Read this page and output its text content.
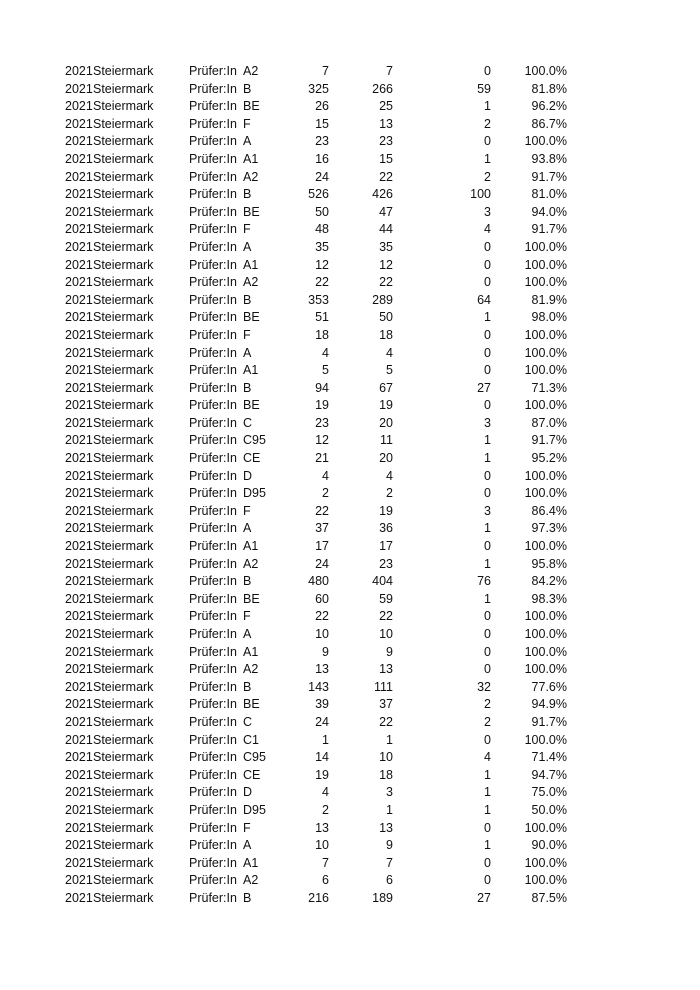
2021 Steiermark	Prüfer:In A2	7	7	0	100.0%
2021 Steiermark	Prüfer:In B	325	266	59	81.8%
2021 Steiermark	Prüfer:In BE	26	25	1	96.2%
2021 Steiermark	Prüfer:In F	15	13	2	86.7%
2021 Steiermark	Prüfer:In A	23	23	0	100.0%
2021 Steiermark	Prüfer:In A1	16	15	1	93.8%
2021 Steiermark	Prüfer:In A2	24	22	2	91.7%
2021 Steiermark	Prüfer:In B	526	426	100	81.0%
2021 Steiermark	Prüfer:In BE	50	47	3	94.0%
2021 Steiermark	Prüfer:In F	48	44	4	91.7%
2021 Steiermark	Prüfer:In A	35	35	0	100.0%
2021 Steiermark	Prüfer:In A1	12	12	0	100.0%
2021 Steiermark	Prüfer:In A2	22	22	0	100.0%
2021 Steiermark	Prüfer:In B	353	289	64	81.9%
2021 Steiermark	Prüfer:In BE	51	50	1	98.0%
2021 Steiermark	Prüfer:In F	18	18	0	100.0%
2021 Steiermark	Prüfer:In A	4	4	0	100.0%
2021 Steiermark	Prüfer:In A1	5	5	0	100.0%
2021 Steiermark	Prüfer:In B	94	67	27	71.3%
2021 Steiermark	Prüfer:In BE	19	19	0	100.0%
2021 Steiermark	Prüfer:In C	23	20	3	87.0%
2021 Steiermark	Prüfer:In C95	12	11	1	91.7%
2021 Steiermark	Prüfer:In CE	21	20	1	95.2%
2021 Steiermark	Prüfer:In D	4	4	0	100.0%
2021 Steiermark	Prüfer:In D95	2	2	0	100.0%
2021 Steiermark	Prüfer:In F	22	19	3	86.4%
2021 Steiermark	Prüfer:In A	37	36	1	97.3%
2021 Steiermark	Prüfer:In A1	17	17	0	100.0%
2021 Steiermark	Prüfer:In A2	24	23	1	95.8%
2021 Steiermark	Prüfer:In B	480	404	76	84.2%
2021 Steiermark	Prüfer:In BE	60	59	1	98.3%
2021 Steiermark	Prüfer:In F	22	22	0	100.0%
2021 Steiermark	Prüfer:In A	10	10	0	100.0%
2021 Steiermark	Prüfer:In A1	9	9	0	100.0%
2021 Steiermark	Prüfer:In A2	13	13	0	100.0%
2021 Steiermark	Prüfer:In B	143	111	32	77.6%
2021 Steiermark	Prüfer:In BE	39	37	2	94.9%
2021 Steiermark	Prüfer:In C	24	22	2	91.7%
2021 Steiermark	Prüfer:In C1	1	1	0	100.0%
2021 Steiermark	Prüfer:In C95	14	10	4	71.4%
2021 Steiermark	Prüfer:In CE	19	18	1	94.7%
2021 Steiermark	Prüfer:In D	4	3	1	75.0%
2021 Steiermark	Prüfer:In D95	2	1	1	50.0%
2021 Steiermark	Prüfer:In F	13	13	0	100.0%
2021 Steiermark	Prüfer:In A	10	9	1	90.0%
2021 Steiermark	Prüfer:In A1	7	7	0	100.0%
2021 Steiermark	Prüfer:In A2	6	6	0	100.0%
2021 Steiermark	Prüfer:In B	216	189	27	87.5%
